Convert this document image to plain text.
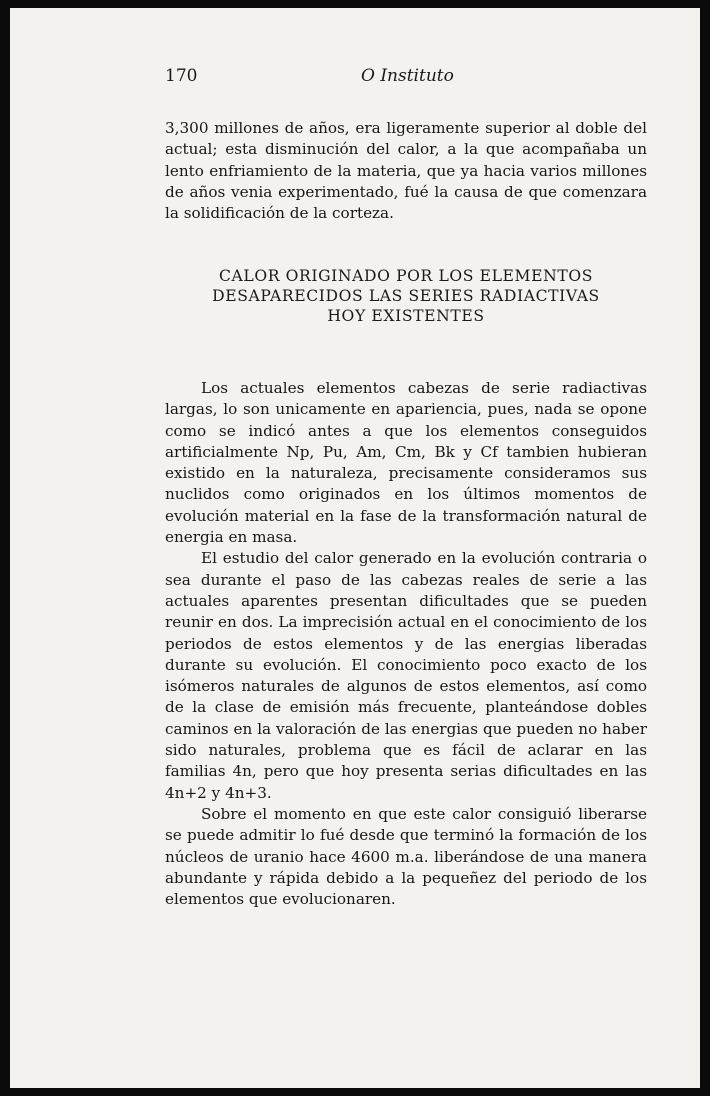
170	O Instituto

3,300 millones de años, era ligeramente superior al doble del actual; esta disminución del calor, a la que acompañaba un lento enfriamiento de la materia, que ya hacia varios millones de años venia experimentado, fué la causa de que comenzara la solidificación de la corteza.

CALOR ORIGINADO POR LOS ELEMENTOS
DESAPARECIDOS LAS SERIES RADIACTIVAS
HOY EXISTENTES

Los actuales elementos cabezas de serie radiactivas largas, lo son unicamente en apariencia, pues, nada se opone como se indicó antes a que los elementos conseguidos artificialmente Np, Pu, Am, Cm, Bk y Cf tambien hubieran existido en la naturaleza, precisamente consideramos sus nuclidos como originados en los últimos momentos de evolución material en la fase de la transformación natural de energia en masa.

El estudio del calor generado en la evolución contraria o sea durante el paso de las cabezas reales de serie a las actuales aparentes presentan dificultades que se pueden reunir en dos. La imprecisión actual en el conocimiento de los periodos de estos elementos y de las energias liberadas durante su evolución. El conocimiento poco exacto de los isómeros naturales de algunos de estos elementos, así como de la clase de emisión más frecuente, planteándose dobles caminos en la valoración de las energias que pueden no haber sido naturales, problema que es fácil de aclarar en las familias 4n, pero que hoy presenta serias dificultades en las 4n+2 y 4n+3.

Sobre el momento en que este calor consiguió liberarse se puede admitir lo fué desde que terminó la formación de los núcleos de uranio hace 4600 m.a. liberándose de una manera abundante y rápida debido a la pequeñez del periodo de los elementos que evolucionaren.
